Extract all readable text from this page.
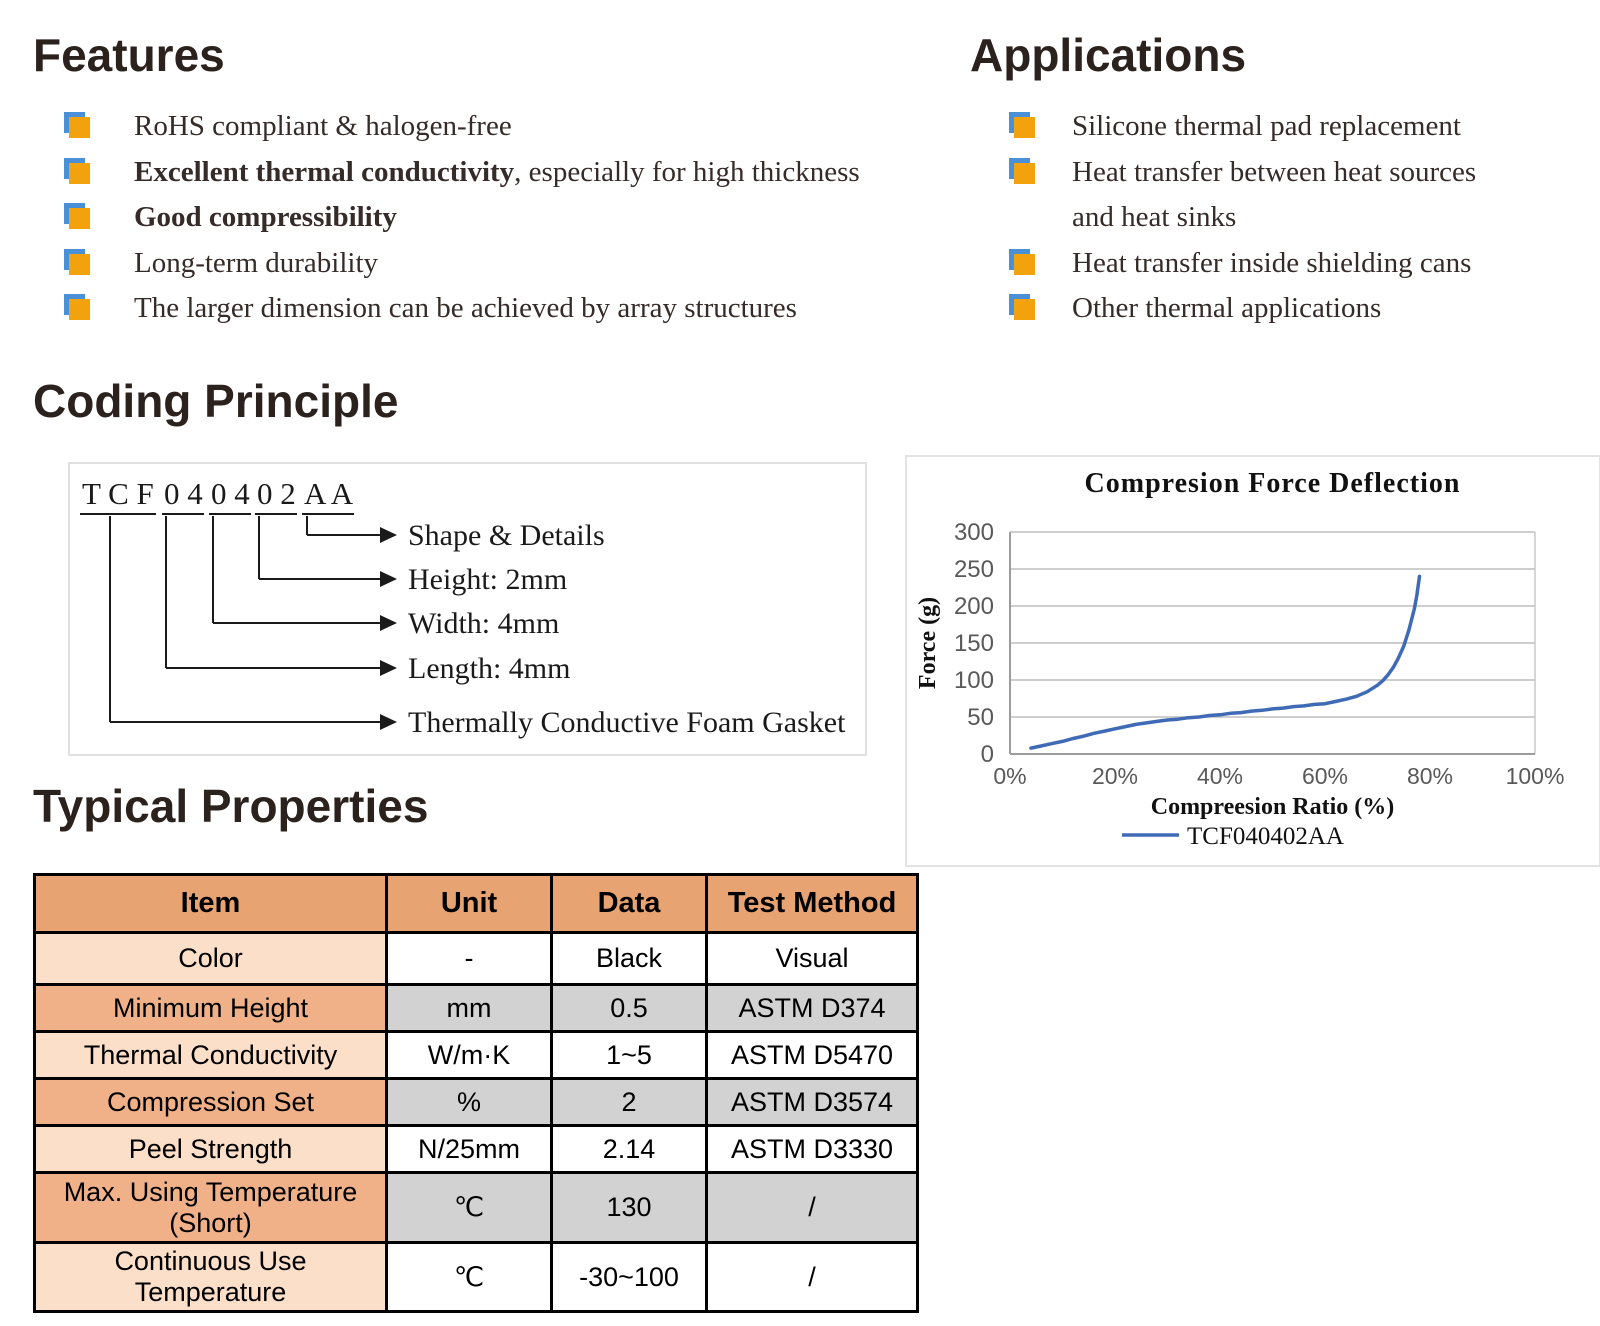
Features
RoHS compliant & halogen-free
Excellent thermal conductivity, especially for high thickness
Good compressibility
Long-term durability
The larger dimension can be achieved by array structures
Applications
Silicone thermal pad replacement
Heat transfer between heat sources
and heat sinks
Heat transfer inside shielding cans
Other thermal applications
Coding Principle
T C F 0 4 0 4 0 2 A A
Shape & Details
Height: 2mm
Width: 4mm
Length: 4mm
Thermally Conductive Foam Gasket
Compresion Force Deflection
0
50
100
150
200
250
300
0%	20%	40%	60%	80% 100%
Force (g)
Compreesion Ratio (%)
TCF040402AA
Typical Properties
Item	Unit	Data	Test Method
Color	-	Black	Visual
Minimum Height	mm	0.5	ASTM D374
Thermal Conductivity	W/m·K	1~5	ASTM D5470
Compression Set	%	2	ASTM D3574
Peel Strength	N/25mm	2.14	ASTM D3330
Max. Using Temperature (Short)	℃	130	/
Continuous Use Temperature	℃	-30~100	/
